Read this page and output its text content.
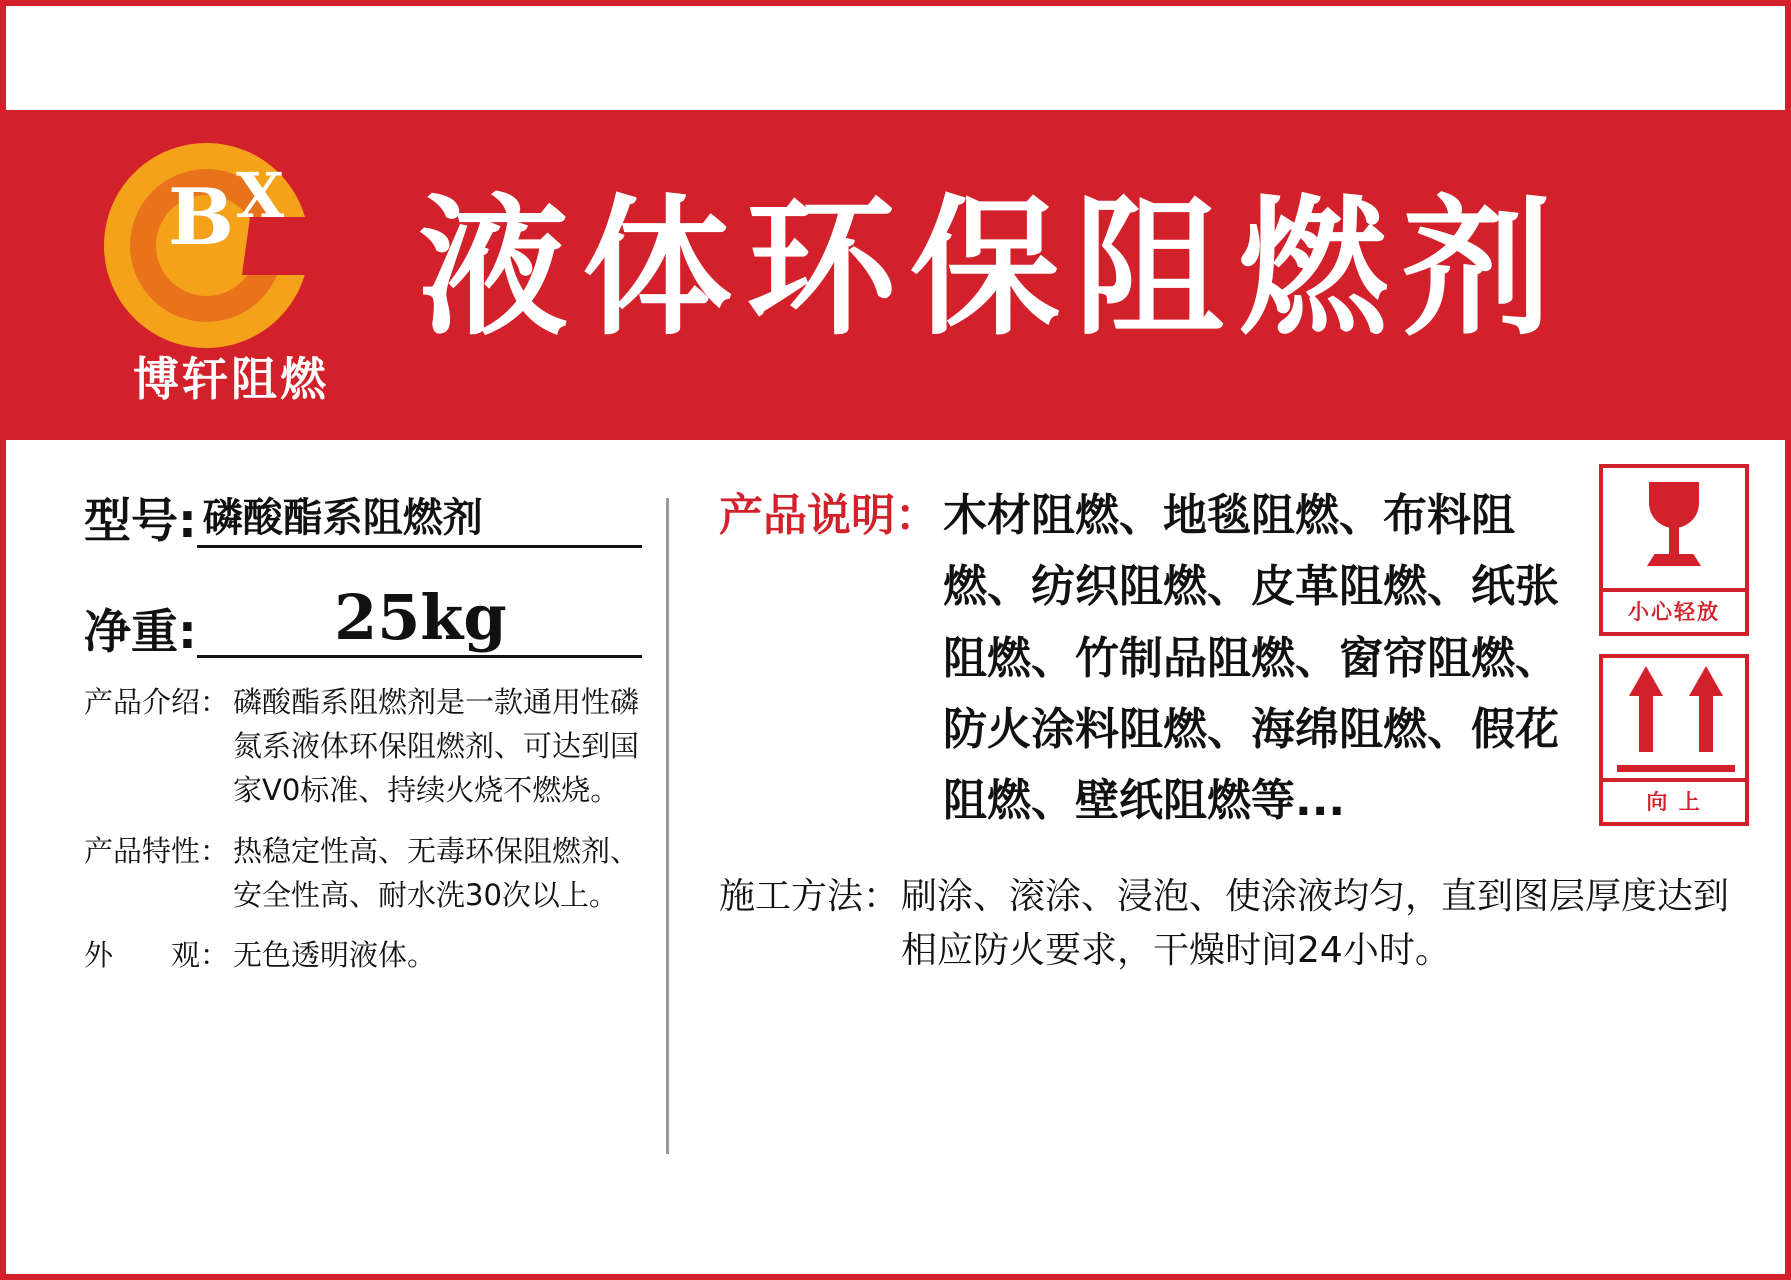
B X
博轩阻燃
液体环保阻燃剂
型号: 磷酸酯系阻燃剂
净重:	25kg
产品介绍： 磷酸酯系阻燃剂是一款通用性磷氮系液体环保阻燃剂、可达到国家V0标准、持续火烧不燃烧。
产品特性： 热稳定性高、无毒环保阻燃剂、安全性高、耐水洗30次以上。
外　　观： 无色透明液体。
产品说明： 木材阻燃、地毯阻燃、布料阻燃、纺织阻燃、皮革阻燃、纸张阻燃、竹制品阻燃、窗帘阻燃、防火涂料阻燃、海绵阻燃、假花阻燃、壁纸阻燃等...
施工方法： 刷涂、滚涂、浸泡、使涂液均匀，直到图层厚度达到相应防火要求，干燥时间24小时。
小心轻放
向 上
